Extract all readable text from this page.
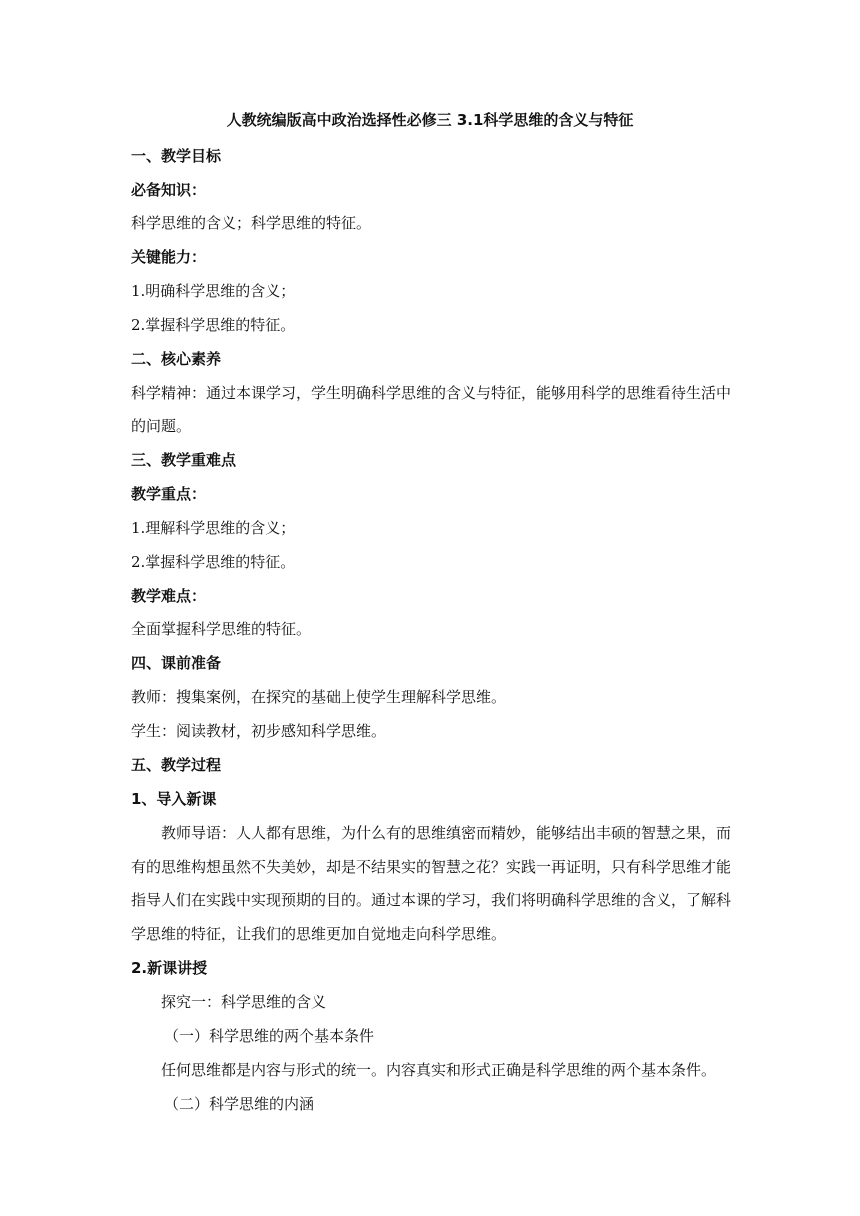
人教统编版高中政治选择性必修三 3.1科学思维的含义与特征
一、教学目标
必备知识：
科学思维的含义；科学思维的特征。
关键能力：
1.明确科学思维的含义；
2.掌握科学思维的特征。
二、核心素养
科学精神：通过本课学习，学生明确科学思维的含义与特征，能够用科学的思维看待生活中
的问题。
三、教学重难点
教学重点：
1.理解科学思维的含义；
2.掌握科学思维的特征。
教学难点：
全面掌握科学思维的特征。
四、课前准备
教师：搜集案例，在探究的基础上使学生理解科学思维。
学生：阅读教材，初步感知科学思维。
五、教学过程
1、导入新课
教师导语：人人都有思维，为什么有的思维缜密而精妙，能够结出丰硕的智慧之果，而
有的思维构想虽然不失美妙，却是不结果实的智慧之花？实践一再证明，只有科学思维才能
指导人们在实践中实现预期的目的。通过本课的学习，我们将明确科学思维的含义，了解科
学思维的特征，让我们的思维更加自觉地走向科学思维。
2.新课讲授
探究一：科学思维的含义
（一）科学思维的两个基本条件
任何思维都是内容与形式的统一。内容真实和形式正确是科学思维的两个基本条件。
（二）科学思维的内涵
